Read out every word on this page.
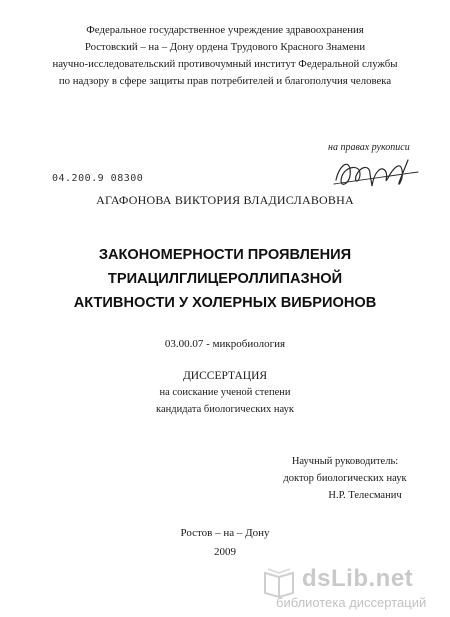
Федеральное государственное учреждение здравоохранения
Ростовский – на – Дону ордена Трудового Красного Знамени
научно-исследовательский противочумный институт Федеральной службы
по надзору в сфере защиты прав потребителей и благополучия человека
на правах рукописи
04.200.9 08300
АГАФОНОВА ВИКТОРИЯ ВЛАДИСЛАВОВНА
ЗАКОНОМЕРНОСТИ ПРОЯВЛЕНИЯ
ТРИАЦИЛГЛИЦЕРОЛЛИПАЗНОЙ
АКТИВНОСТИ У ХОЛЕРНЫХ ВИБРИОНОВ
03.00.07 - микробиология
ДИССЕРТАЦИЯ
на соискание ученой степени
кандидата биологических наук
Научный руководитель:
доктор биологических наук
Н.Р. Телесманич
Ростов – на – Дону
2009
dsLib.net
библиотека диссертаций
